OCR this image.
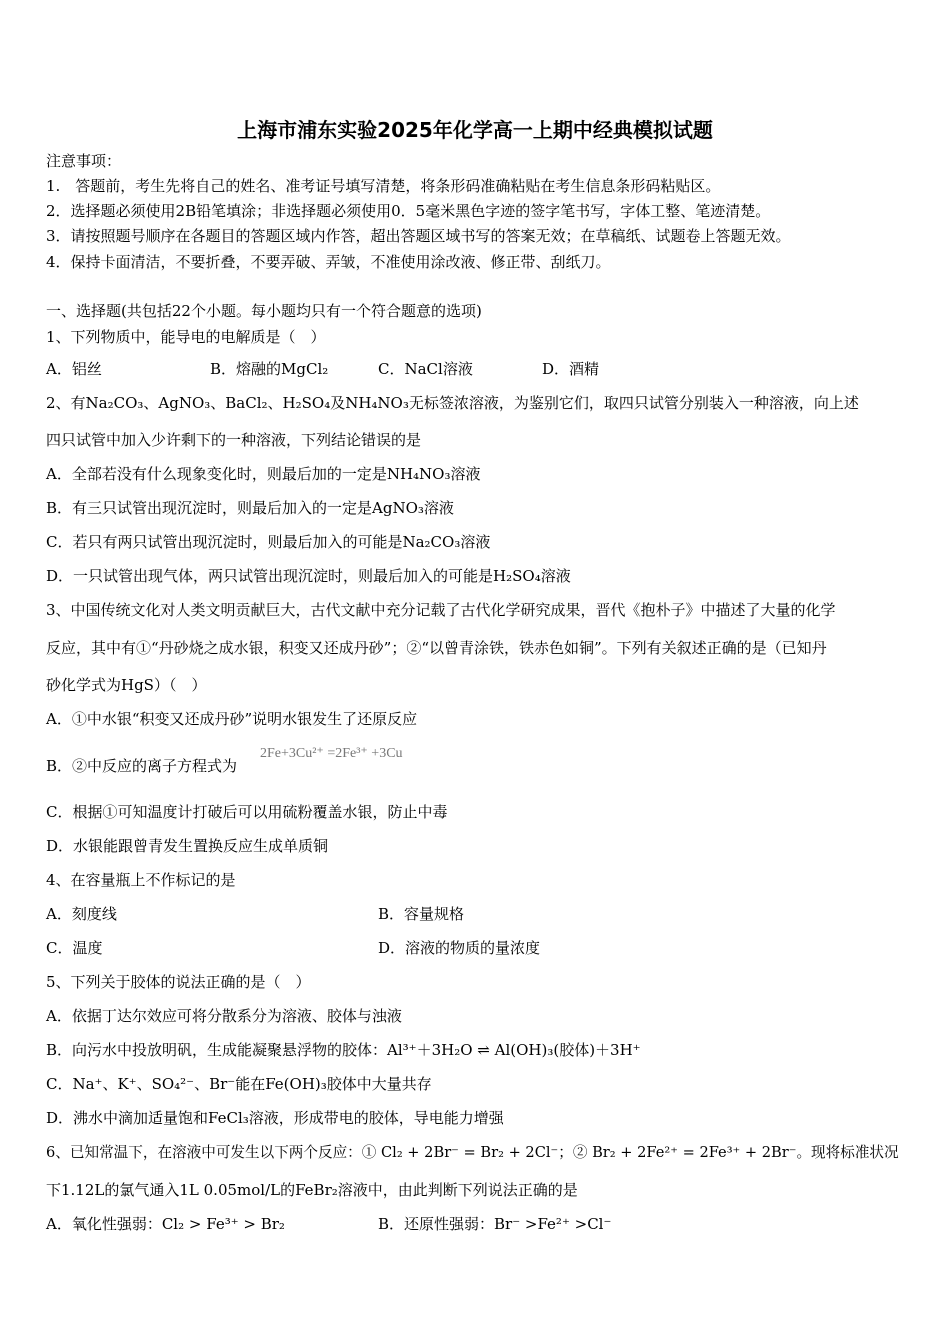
上海市浦东实验2025年化学高一上期中经典模拟试题
注意事项：
1.　答题前，考生先将自己的姓名、准考证号填写清楚，将条形码准确粘贴在考生信息条形码粘贴区。
2．选择题必须使用2B铅笔填涂；非选择题必须使用0．5毫米黑色字迹的签字笔书写，字体工整、笔迹清楚。
3．请按照题号顺序在各题目的答题区域内作答，超出答题区域书写的答案无效；在草稿纸、试题卷上答题无效。
4．保持卡面清洁，不要折叠，不要弄破、弄皱，不准使用涂改液、修正带、刮纸刀。
一、选择题(共包括22个小题。每小题均只有一个符合题意的选项)
1、下列物质中，能导电的电解质是（　）
A．铝丝	B．熔融的MgCl₂	C．NaCl溶液	D．酒精
2、有Na₂CO₃、AgNO₃、BaCl₂、H₂SO₄及NH₄NO₃无标签浓溶液，为鉴别它们，取四只试管分别装入一种溶液，向上述
四只试管中加入少许剩下的一种溶液，下列结论错误的是
A．全部若没有什么现象变化时，则最后加的一定是NH₄NO₃溶液
B．有三只试管出现沉淀时，则最后加入的一定是AgNO₃溶液
C．若只有两只试管出现沉淀时，则最后加入的可能是Na₂CO₃溶液
D．一只试管出现气体，两只试管出现沉淀时，则最后加入的可能是H₂SO₄溶液
3、中国传统文化对人类文明贡献巨大，古代文献中充分记载了古代化学研究成果，晋代《抱朴子》中描述了大量的化学
反应，其中有①“丹砂烧之成水银，积变又还成丹砂”；②“以曾青涂铁，铁赤色如铜”。下列有关叙述正确的是（已知丹
砂化学式为HgS）（　）
A．①中水银“积变又还成丹砂”说明水银发生了还原反应
B．②中反应的离子方程式为
2Fe+3Cu²⁺ =2Fe³⁺ +3Cu
C．根据①可知温度计打破后可以用硫粉覆盖水银，防止中毒
D．水银能跟曾青发生置换反应生成单质铜
4、在容量瓶上不作标记的是
A．刻度线	B．容量规格
C．温度	D．溶液的物质的量浓度
5、下列关于胶体的说法正确的是（　）
A．依据丁达尔效应可将分散系分为溶液、胶体与浊液
B．向污水中投放明矾，生成能凝聚悬浮物的胶体：Al³⁺＋3H₂O ⇌ Al(OH)₃(胶体)＋3H⁺
C．Na⁺、K⁺、SO₄²⁻、Br⁻能在Fe(OH)₃胶体中大量共存
D．沸水中滴加适量饱和FeCl₃溶液，形成带电的胶体，导电能力增强
6、已知常温下，在溶液中可发生以下两个反应：① Cl₂ + 2Br⁻ = Br₂ + 2Cl⁻；② Br₂ + 2Fe²⁺ = 2Fe³⁺ + 2Br⁻。现将标准状况
下1.12L的氯气通入1L 0.05mol/L的FeBr₂溶液中，由此判断下列说法正确的是
A．氧化性强弱：Cl₂ > Fe³⁺ > Br₂	B．还原性强弱：Br⁻ >Fe²⁺ >Cl⁻
